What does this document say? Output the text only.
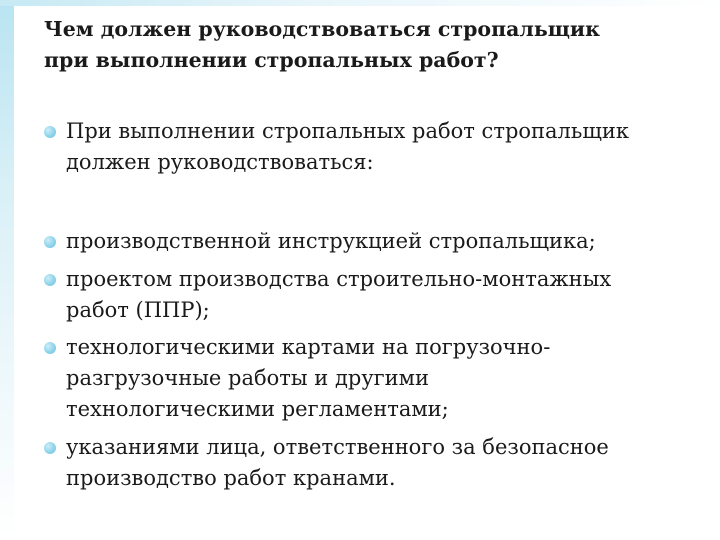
Чем должен руководствоваться стропальщик
при выполнении стропальных работ?
При выполнении стропальных работ стропальщик
должен руководствоваться:
производственной инструкцией стропальщика;
проектом производства строительно-монтажных
работ (ППР);
технологическими картами на погрузочно-
разгрузочные работы и другими
технологическими регламентами;
указаниями лица, ответственного за безопасное
производство работ кранами.
